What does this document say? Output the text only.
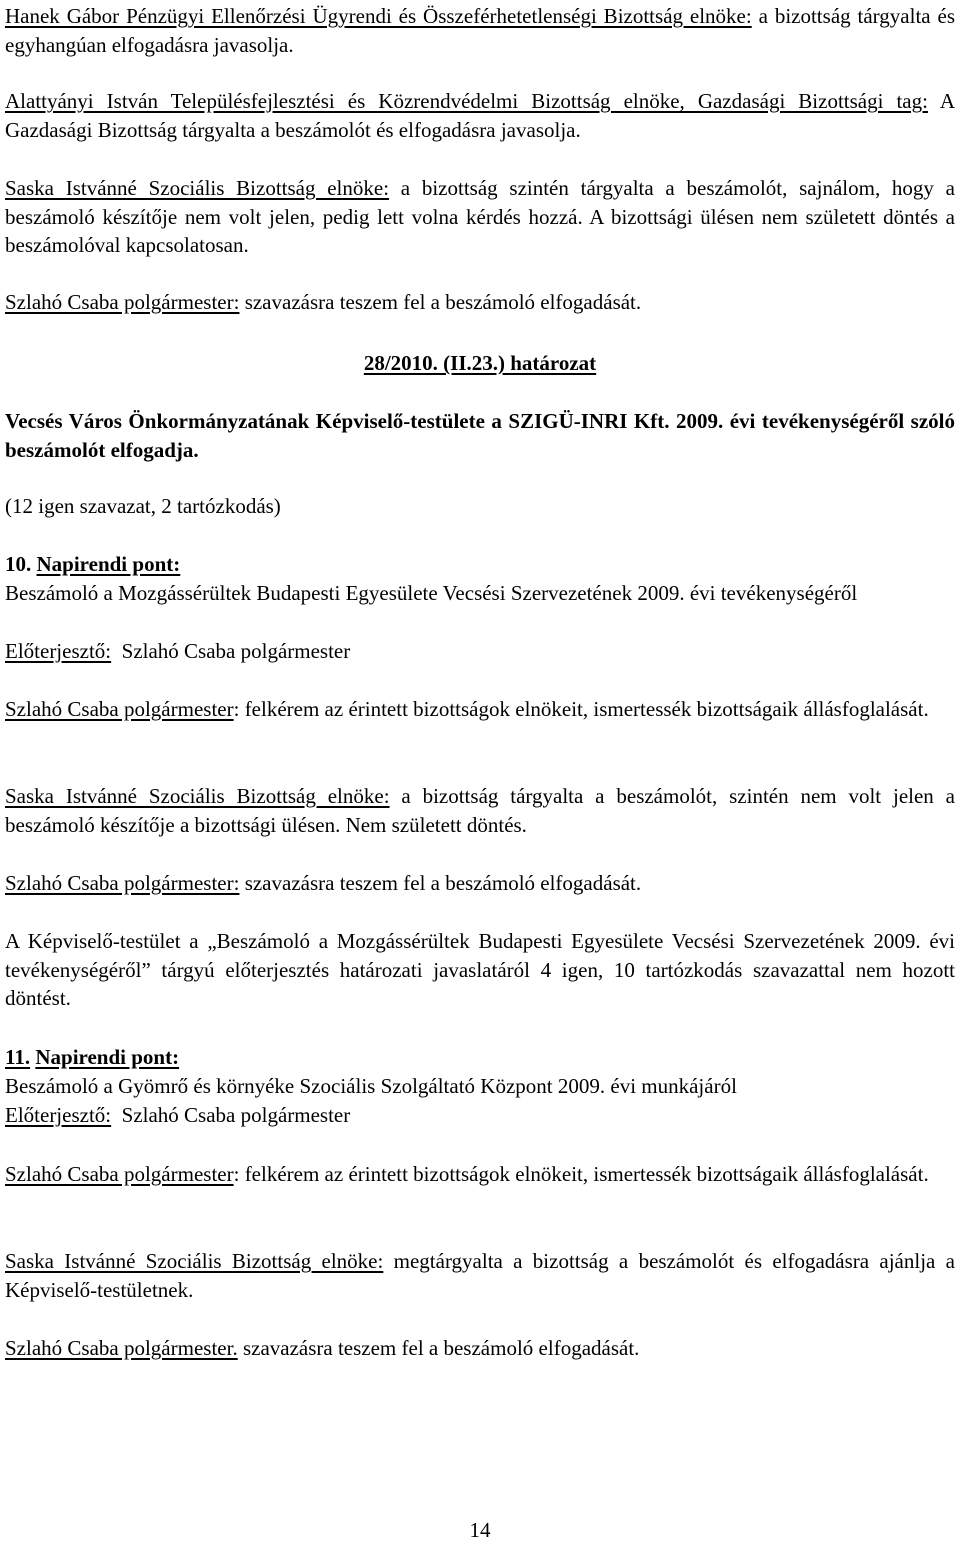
Hanek Gábor Pénzügyi Ellenőrzési Ügyrendi és Összeférhetetlenségi Bizottság elnöke: a bizottság tárgyalta és egyhangúan elfogadásra javasolja.

Alattyányi István Településfejlesztési és Közrendvédelmi Bizottság elnöke, Gazdasági Bizottsági tag: A Gazdasági Bizottság tárgyalta a beszámolót és elfogadásra javasolja.

Saska Istvánné Szociális Bizottság elnöke: a bizottság szintén tárgyalta a beszámolót, sajnálom, hogy a beszámoló készítője nem volt jelen, pedig lett volna kérdés hozzá. A bizottsági ülésen nem született döntés a beszámolóval kapcsolatosan.

Szlahó Csaba polgármester: szavazásra teszem fel a beszámoló elfogadását.

28/2010. (II.23.) határozat

Vecsés Város Önkormányzatának Képviselő-testülete a SZIGÜ-INRI Kft. 2009. évi tevékenységéről szóló beszámolót elfogadja.

(12 igen szavazat, 2 tartózkodás)

10. Napirendi pont:

Beszámoló a Mozgássérültek Budapesti Egyesülete Vecsési Szervezetének 2009. évi tevékenységéről

Előterjesztő:  Szlahó Csaba polgármester

Szlahó Csaba polgármester: felkérem az érintett bizottságok elnökeit, ismertessék bizottságaik állásfoglalását.

Saska Istvánné Szociális Bizottság elnöke: a bizottság tárgyalta a beszámolót, szintén nem volt jelen a beszámoló készítője a bizottsági ülésen. Nem született döntés.

Szlahó Csaba polgármester: szavazásra teszem fel a beszámoló elfogadását.

A Képviselő-testület a „Beszámoló a Mozgássérültek Budapesti Egyesülete Vecsési Szervezetének 2009. évi tevékenységéről” tárgyú előterjesztés határozati javaslatáról 4 igen, 10 tartózkodás szavazattal nem hozott döntést.

11. Napirendi pont:

Beszámoló a Gyömrő és környéke Szociális Szolgáltató Központ 2009. évi munkájáról

Előterjesztő:  Szlahó Csaba polgármester

Szlahó Csaba polgármester: felkérem az érintett bizottságok elnökeit, ismertessék bizottságaik állásfoglalását.

Saska Istvánné Szociális Bizottság elnöke: megtárgyalta a bizottság a beszámolót és elfogadásra ajánlja a Képviselő-testületnek.

Szlahó Csaba polgármester. szavazásra teszem fel a beszámoló elfogadását.

14
